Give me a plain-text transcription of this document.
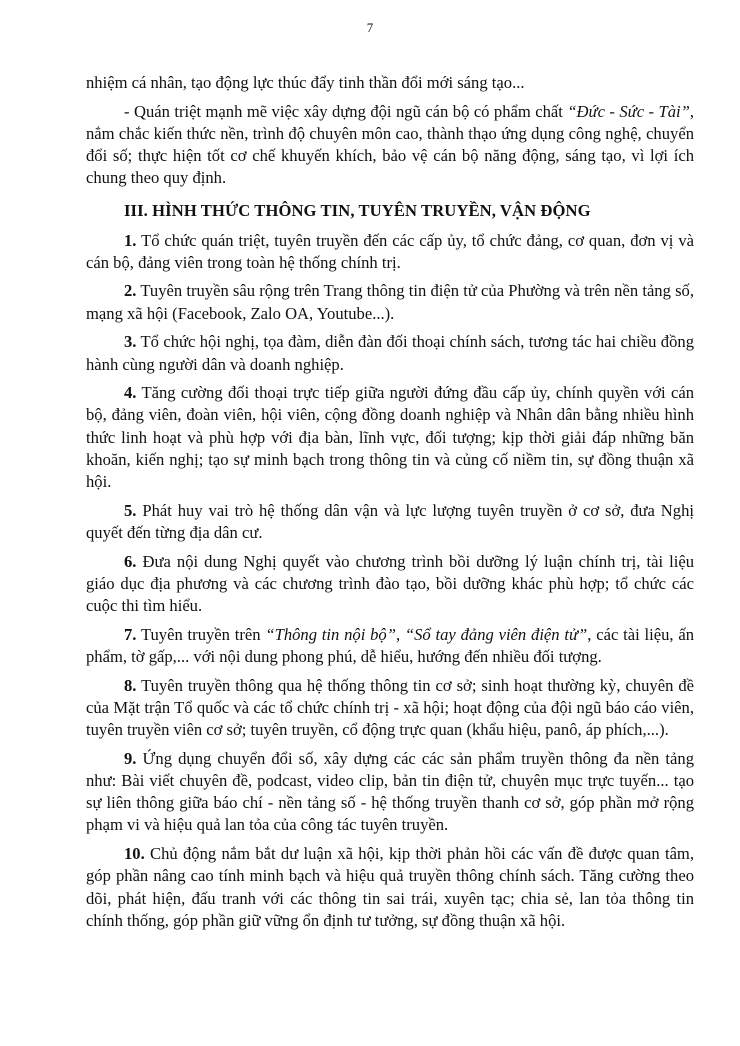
7

nhiệm cá nhân, tạo động lực thúc đẩy tinh thần đổi mới sáng tạo...

- Quán triệt mạnh mẽ việc xây dựng đội ngũ cán bộ có phẩm chất “Đức - Sức - Tài”, nắm chắc kiến thức nền, trình độ chuyên môn cao, thành thạo ứng dụng công nghệ, chuyển đổi số; thực hiện tốt cơ chế khuyến khích, bảo vệ cán bộ năng động, sáng tạo, vì lợi ích chung theo quy định.

III. HÌNH THỨC THÔNG TIN, TUYÊN TRUYỀN, VẬN ĐỘNG

1. Tổ chức quán triệt, tuyên truyền đến các cấp ủy, tổ chức đảng, cơ quan, đơn vị và cán bộ, đảng viên trong toàn hệ thống chính trị.

2. Tuyên truyền sâu rộng trên Trang thông tin điện tử của Phường và trên nền tảng số, mạng xã hội (Facebook, Zalo OA, Youtube...).

3. Tổ chức hội nghị, tọa đàm, diễn đàn đối thoại chính sách, tương tác hai chiều đồng hành cùng người dân và doanh nghiệp.

4. Tăng cường đối thoại trực tiếp giữa người đứng đầu cấp ủy, chính quyền với cán bộ, đảng viên, đoàn viên, hội viên, cộng đồng doanh nghiệp và Nhân dân bằng nhiều hình thức linh hoạt và phù hợp với địa bàn, lĩnh vực, đối tượng; kịp thời giải đáp những băn khoăn, kiến nghị; tạo sự minh bạch trong thông tin và củng cố niềm tin, sự đồng thuận xã hội.

5. Phát huy vai trò hệ thống dân vận và lực lượng tuyên truyền ở cơ sở, đưa Nghị quyết đến từng địa dân cư.

6. Đưa nội dung Nghị quyết vào chương trình bồi dưỡng lý luận chính trị, tài liệu giáo dục địa phương và các chương trình đào tạo, bồi dưỡng khác phù hợp; tổ chức các cuộc thi tìm hiểu.

7. Tuyên truyền trên “Thông tin nội bộ”, “Sổ tay đảng viên điện tử”, các tài liệu, ấn phẩm, tờ gấp,... với nội dung phong phú, dễ hiểu, hướng đến nhiều đối tượng.

8. Tuyên truyền thông qua hệ thống thông tin cơ sở; sinh hoạt thường kỳ, chuyên đề của Mặt trận Tổ quốc và các tổ chức chính trị - xã hội; hoạt động của đội ngũ báo cáo viên, tuyên truyền viên cơ sở; tuyên truyền, cổ động trực quan (khẩu hiệu, panô, áp phích,...).

9. Ứng dụng chuyển đổi số, xây dựng các các sản phẩm truyền thông đa nền tảng như: Bài viết chuyên đề, podcast, video clip, bản tin điện tử, chuyên mục trực tuyến... tạo sự liên thông giữa báo chí - nền tảng số - hệ thống truyền thanh cơ sở, góp phần mở rộng phạm vi và hiệu quả lan tỏa của công tác tuyên truyền.

10. Chủ động nắm bắt dư luận xã hội, kịp thời phản hồi các vấn đề được quan tâm, góp phần nâng cao tính minh bạch và hiệu quả truyền thông chính sách. Tăng cường theo dõi, phát hiện, đấu tranh với các thông tin sai trái, xuyên tạc; chia sẻ, lan tỏa thông tin chính thống, góp phần giữ vững ổn định tư tưởng, sự đồng thuận xã hội.
